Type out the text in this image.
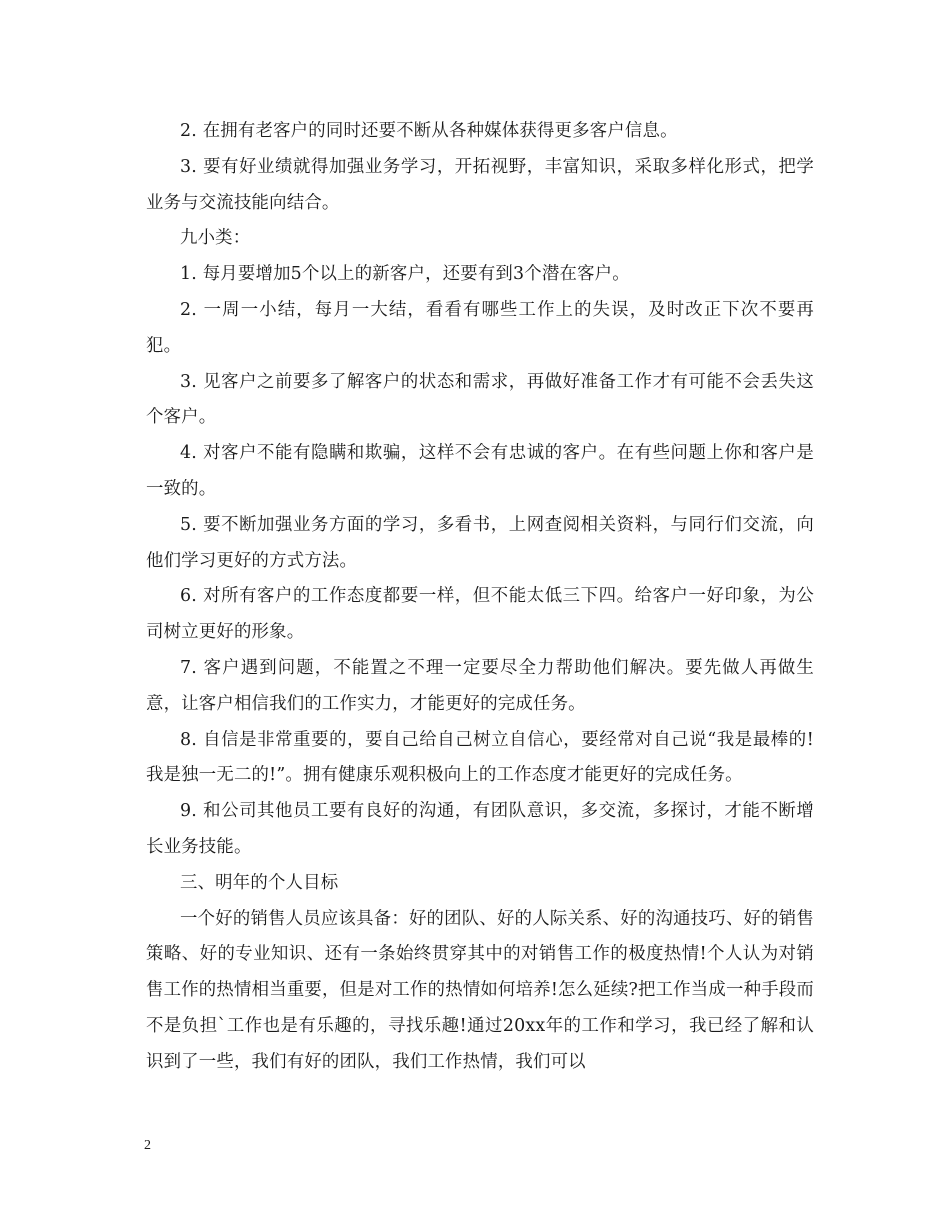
2. 在拥有老客户的同时还要不断从各种媒体获得更多客户信息。

3. 要有好业绩就得加强业务学习，开拓视野，丰富知识，采取多样化形式，把学业务与交流技能向结合。

九小类：

1. 每月要增加5个以上的新客户，还要有到3个潜在客户。

2. 一周一小结，每月一大结，看看有哪些工作上的失误，及时改正下次不要再犯。

3. 见客户之前要多了解客户的状态和需求，再做好准备工作才有可能不会丢失这个客户。

4. 对客户不能有隐瞒和欺骗，这样不会有忠诚的客户。在有些问题上你和客户是一致的。

5. 要不断加强业务方面的学习，多看书，上网查阅相关资料，与同行们交流，向他们学习更好的方式方法。

6. 对所有客户的工作态度都要一样，但不能太低三下四。给客户一好印象，为公司树立更好的形象。

7. 客户遇到问题，不能置之不理一定要尽全力帮助他们解决。要先做人再做生意，让客户相信我们的工作实力，才能更好的完成任务。

8. 自信是非常重要的，要自己给自己树立自信心，要经常对自己说“我是最棒的!我是独一无二的!”。拥有健康乐观积极向上的工作态度才能更好的完成任务。

9. 和公司其他员工要有良好的沟通，有团队意识，多交流，多探讨，才能不断增长业务技能。

三、明年的个人目标

一个好的销售人员应该具备：好的团队、好的人际关系、好的沟通技巧、好的销售策略、好的专业知识、还有一条始终贯穿其中的对销售工作的极度热情!个人认为对销售工作的热情相当重要，但是对工作的热情如何培养!怎么延续?把工作当成一种手段而不是负担`工作也是有乐趣的，寻找乐趣!通过20xx年的工作和学习，我已经了解和认识到了一些，我们有好的团队，我们工作热情，我们可以

2
